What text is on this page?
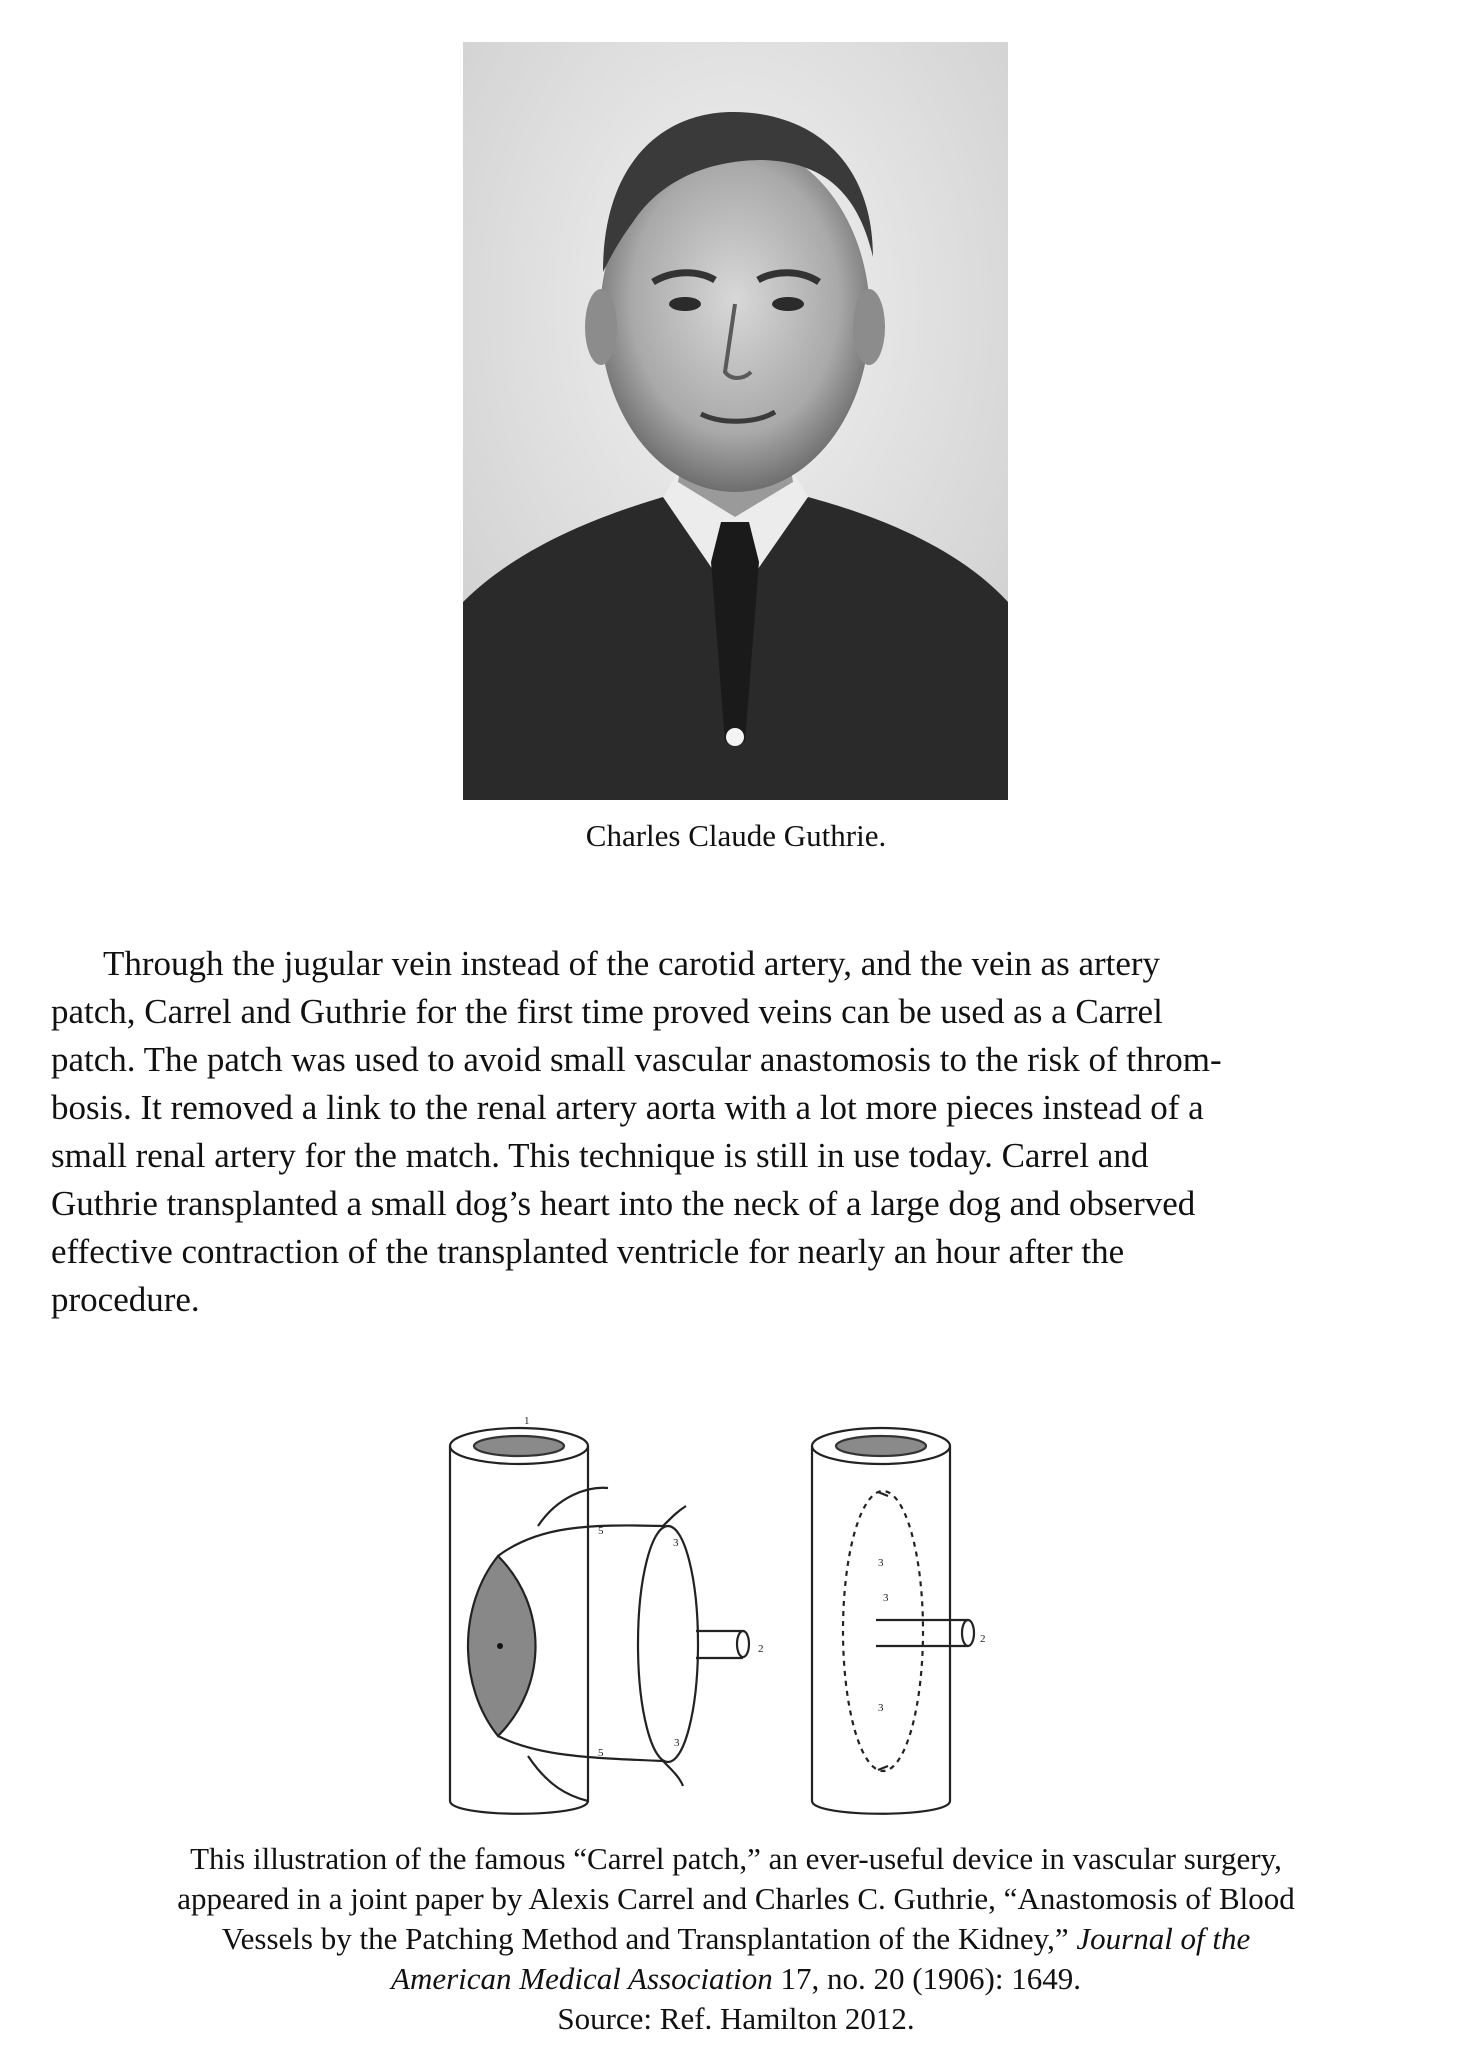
Charles Claude Guthrie.
Through the jugular vein instead of the carotid artery, and the vein as artery
patch, Carrel and Guthrie for the first time proved veins can be used as a Carrel
patch. The patch was used to avoid small vascular anastomosis to the risk of throm-
bosis. It removed a link to the renal artery aorta with a lot more pieces instead of a
small renal artery for the match. This technique is still in use today. Carrel and
Guthrie transplanted a small dog’s heart into the neck of a large dog and observed
effective contraction of the transplanted ventricle for nearly an hour after the
procedure.
1
2
2
3
3
3
3
3
5
5
This illustration of the famous “Carrel patch,” an ever-useful device in vascular surgery,
appeared in a joint paper by Alexis Carrel and Charles C. Guthrie, “Anastomosis of Blood
Vessels by the Patching Method and Transplantation of the Kidney,” Journal of the
American Medical Association 17, no. 20 (1906): 1649.
Source: Ref. Hamilton 2012.
